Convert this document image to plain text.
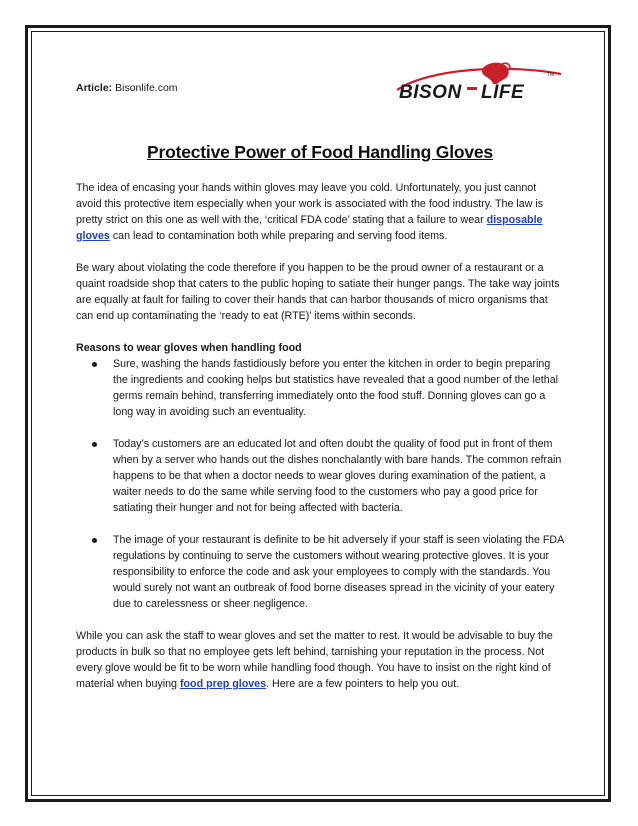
Article: Bisonlife.com	BISON LIFE
TM
Protective Power of Food Handling Gloves

The idea of encasing your hands within gloves may leave you cold. Unfortunately, you just cannot avoid this protective item especially when your work is associated with the food industry. The law is pretty strict on this one as well with the, ‘critical FDA code’ stating that a failure to wear disposable gloves can lead to contamination both while preparing and serving food items.

Be wary about violating the code therefore if you happen to be the proud owner of a restaurant or a quaint roadside shop that caters to the public hoping to satiate their hunger pangs. The take way joints are equally at fault for failing to cover their hands that can harbor thousands of micro organisms that can end up contaminating the ‘ready to eat (RTE)’ items within seconds.

Reasons to wear gloves when handling food
Sure, washing the hands fastidiously before you enter the kitchen in order to begin preparing the ingredients and cooking helps but statistics have revealed that a good number of the lethal germs remain behind, transferring immediately onto the food stuff. Donning gloves can go a long way in avoiding such an eventuality.
Today’s customers are an educated lot and often doubt the quality of food put in front of them when by a server who hands out the dishes nonchalantly with bare hands. The common refrain happens to be that when a doctor needs to wear gloves during examination of the patient, a waiter needs to do the same while serving food to the customers who pay a good price for satiating their hunger and not for being affected with bacteria.
The image of your restaurant is definite to be hit adversely if your staff is seen violating the FDA regulations by continuing to serve the customers without wearing protective gloves. It is your responsibility to enforce the code and ask your employees to comply with the standards. You would surely not want an outbreak of food borne diseases spread in the vicinity of your eatery due to carelessness or sheer negligence.

While you can ask the staff to wear gloves and set the matter to rest. It would be advisable to buy the products in bulk so that no employee gets left behind, tarnishing your reputation in the process. Not every glove would be fit to be worn while handling food though. You have to insist on the right kind of material when buying food prep gloves. Here are a few pointers to help you out.
